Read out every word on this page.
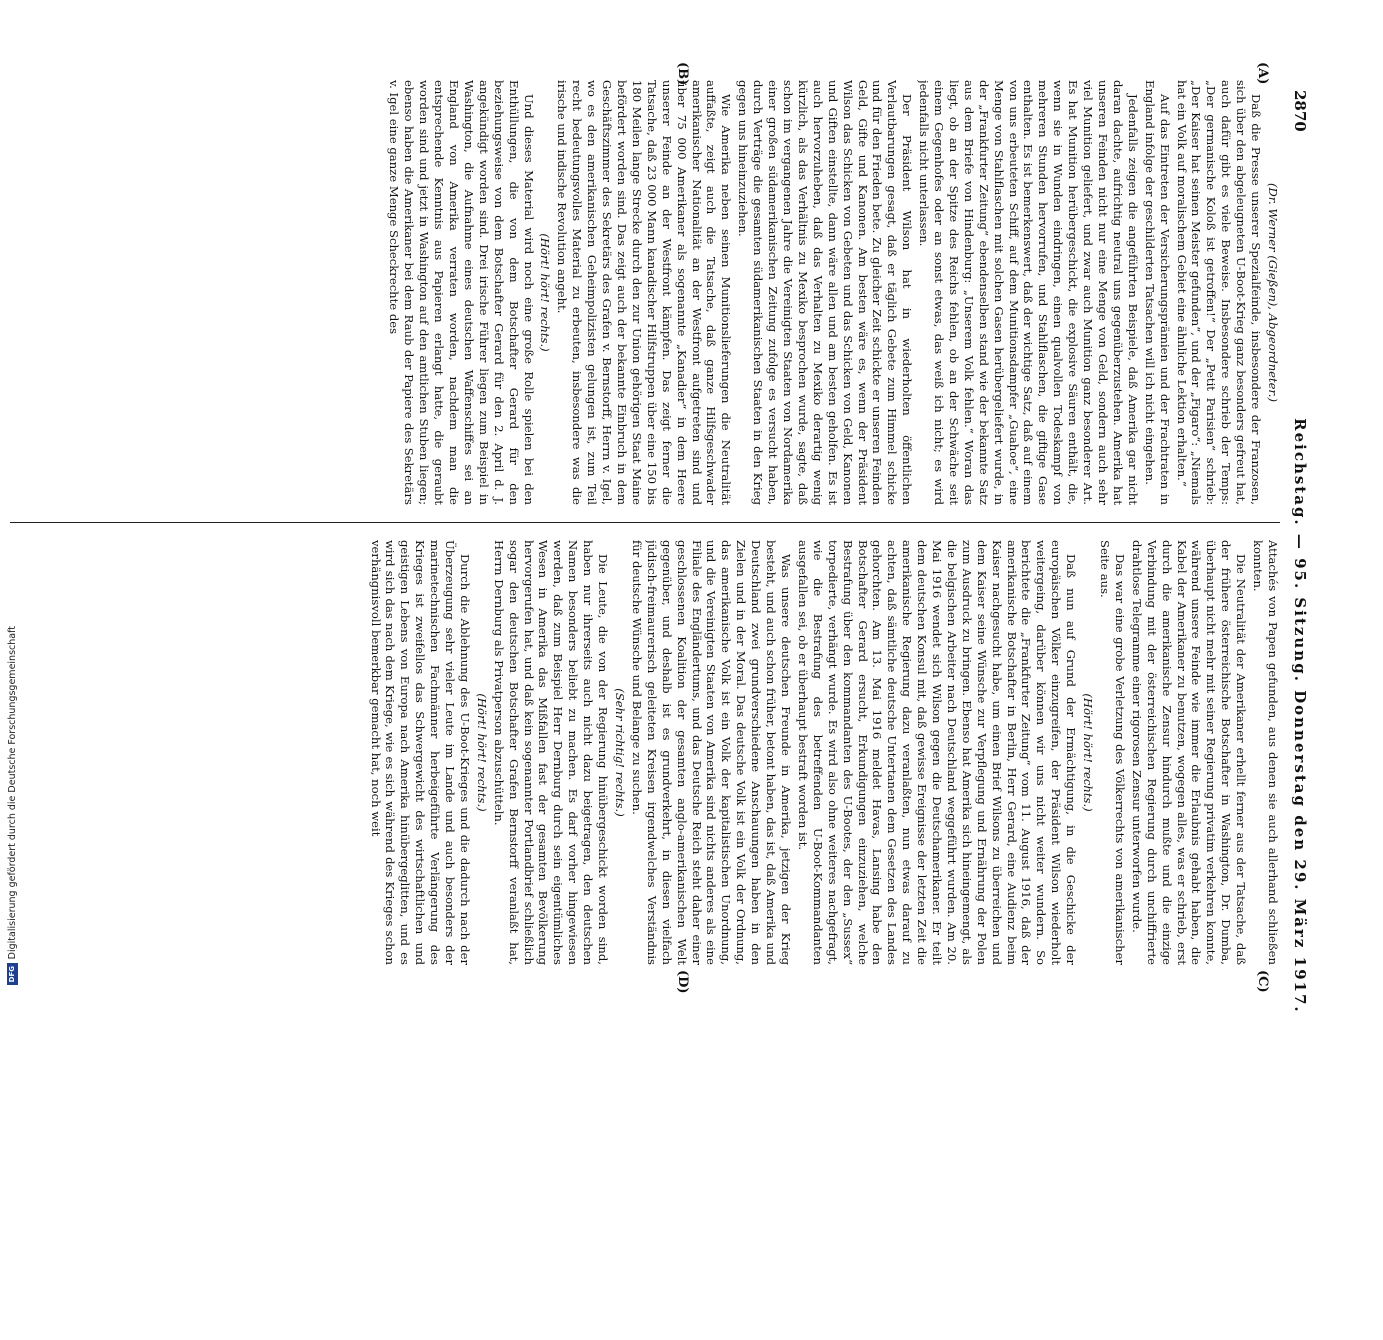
2870
Reichstag. — 95. Sitzung. Donnerstag den 29. März 1917.
(A)
(B)
(C)
(D)

(Dr. Werner (Gießen), Abgeordneter.)

Daß die Presse unserer Spezialfeinde, insbesondere der Franzosen, sich über den abgeleugneten U-Boot-Krieg ganz besonders gefreut hat, auch dafür gibt es viele Beweise. Insbesondere schrieb der Temps: „Der germanische Koloß ist getroffen!“ Der „Petit Parisien“ schrieb: „Der Kaiser hat seinen Meister gefunden“, und der „Figaro“: „Niemals hat ein Volk auf moralischem Gebiet eine ähnliche Lektion erhalten.“

Auf das Eintreten der Versicherungsprämien und der Frachtraten in England infolge der geschilderten Tatsachen will ich nicht eingehen.

Jedenfalls zeigen die angeführten Beispiele, daß Amerika gar nicht daran dachte, aufrichtig neutral uns gegenüberzustehen. Amerika hat unseren Feinden nicht nur eine Menge von Geld, sondern auch sehr viel Munition geliefert, und zwar auch Munition ganz besonderer Art. Es hat Munition herübergeschickt, die explosive Säuren enthält, die, wenn sie in Wunden eindringen, einen qualvollen Todeskampf von mehreren Stunden hervorrufen, und Stahlflaschen, die giftige Gase enthalten. Es ist bemerkenswert, daß der wichtige Satz, daß auf einem von uns erbeuteten Schiff, auf dem Munitionsdampfer „Guahoe“, eine Menge von Stahlflaschen mit solchen Gasen herübergeliefert wurde, in der „Frankfurter Zeitung“ ebendenselben stand wie der bekannte Satz aus dem Briefe von Hindenburg: „Unserem Volk fehlen.“ Woran das liegt, ob an der Spitze des Reichs fehlen, ob an der Schwäche seit einem Gegenhofes oder an sonst etwas, das weiß ich nicht; es wird jedenfalls nicht unterlassen.

Der Präsident Wilson hat in wiederholten öffentlichen Verlautbarungen gesagt, daß er täglich Gebete zum Himmel schicke und für den Frieden bete. Zu gleicher Zeit schickte er unseren Feinden Geld, Gifte und Kanonen. Am besten wäre es, wenn der Präsident Wilson das Schicken von Gebeten und das Schicken von Geld, Kanonen und Giften einstellte, dann wäre allen und am besten geholfen. Es ist auch hervorzuheben, daß das Verhalten zu Mexiko derartig wenig kürzlich, als das Verhältnis zu Mexiko besprochen wurde, sagte, daß schon im vergangenen Jahre die Vereinigten Staaten von Nordamerika einer großen südamerikanischen Zeitung zufolge es versucht haben, durch Verträge die gesamten südamerikanischen Staaten in den Krieg gegen uns hineinzuziehen.

Wie Amerika neben seinen Munitionslieferungen die Neutralität auffaßte, zeigt auch die Tatsache, daß ganze Hilfsgeschwader amerikanischer Nationalität an der Westfront aufgetreten sind und über 75 000 Amerikaner als sogenannte „Kanadier“ in dem Heere unserer Feinde an der Westfront kämpfen. Das zeigt ferner die Tatsache, daß 23 000 Mann kanadischer Hilfstruppen über eine 150 bis 180 Meilen lange Strecke durch den zur Union gehörigen Staat Maine befördert worden sind. Das zeigt auch der bekannte Einbruch in dem Geschäftszimmer des Sekretärs des Grafen v. Bernstorff, Herrn v. Igel, wo es den amerikanischen Geheimpolizisten gelungen ist, zum Teil recht bedeutungsvolles Material zu erbeuten, insbesondere was die irische und indische Revolution angeht.

(Hört! hört! rechts.)

Und dieses Material wird noch eine große Rolle spielen bei den Enthüllungen, die von dem Botschafter Gerard für den beziehungsweise von dem Botschafter Gerard für den 2. April d. J. angekündigt worden sind. Drei irische Führer liegen zum Beispiel in Washington, die Aufnahme eines deutschen Waffenschiffes sei an England von Amerika verraten worden, nachdem man die entsprechende Kenntnis aus Papieren erlangt hatte, die geraubt worden sind und jetzt in Washington auf den amtlichen Stuben liegen; ebenso haben die Amerikaner bei dem Raub der Papiere des Sekretärs v. Igel eine ganze Menge Scheckrechte des

Attachés von Papen gefunden, aus denen sie auch allerhand schließen konnten.

Die Neutralität der Amerikaner erhellt ferner aus der Tatsache, daß der frühere österreichische Botschafter in Washington, Dr. Dumba, überhaupt nicht mehr mit seiner Regierung privatim verkehren konnte, während unsere Feinde wie immer die Erlaubnis gehabt haben, die Kabel der Amerikaner zu benutzen, wogegen alles, was er schrieb, erst durch die amerikanische Zensur hindurch mußte und die einzige Verbindung mit der österreichischen Regierung durch unchiffrierte drahtlose Telegramme einer rigorosen Zensur unterworfen wurde.

Das war eine grobe Verletzung des Völkerrechts von amerikanischer Seite aus.

(Hört! hört! rechts.)

Daß nun auf Grund der Ermächtigung, in die Geschicke der europäischen Völker einzugreifen, der Präsident Wilson wiederholt weitergeing, darüber können wir uns nicht weiter wundern. So berichtete die „Frankfurter Zeitung“ vom 11. August 1916, daß der amerikanische Botschafter in Berlin, Herr Gerard, eine Audienz beim Kaiser nachgesucht habe, um einen Brief Wilsons zu überreichen und dem Kaiser seine Wünsche zur Verpflegung und Ernährung der Polen zum Ausdruck zu bringen. Ebenso hat Amerika sich hineingemengt, als die belgischen Arbeiter nach Deutschland weggeführt wurden. Am 20. Mai 1916 wendet sich Wilson gegen die Deutschamerikaner. Er teilt dem deutschen Konsul mit, daß gewisse Ereignisse der letzten Zeit die amerikanische Regierung dazu veranlaßten, nun etwas darauf zu achten, daß sämtliche deutsche Untertanen dem Gesetzen des Landes gehorchten. Am 13. Mai 1916 meldet Havas, Lansing habe den Botschafter Gerard ersucht, Erkundigungen einzuziehen, welche Bestrafung über den kommandanten des U-Bootes, der den „Sussex“ torpedierte, verhängt wurde. Es wird also ohne weiteres nachgefragt, wie die Bestrafung des betreffenden U-Boot-Kommandanten ausgefallen sei, ob er überhaupt bestraft worden ist.

Was unsere deutschen Freunde in Amerika, jetzigen der Krieg besteht, und auch schon früher, betont haben, das ist, daß Amerika und Deutschland zwei grundverschiedene Anschauungen haben in den Zielen und in der Moral. Das deutsche Volk ist ein Volk der Ordnung, das amerikanische Volk ist ein Volk der kapitalistischen Unordnung, und die Vereinigten Staaten von Amerika sind nichts anderes als eine Filiale des Engländertums, und das Deutsche Reich steht daher einer geschlossenen Koalition der gesamten anglo-amerikanischen Welt gegenüber, und deshalb ist es grundverkehrt, in diesen vielfach jüdisch-freimaurerisch geleiteten Kreisen irgendwelches Verständnis für deutsche Wünsche und Belange zu suchen.

(Sehr richtig! rechts.)

Die Leute, die von der Regierung hinübergeschickt worden sind, haben nur ihrerseits auch nicht dazu beigetragen, den deutschen Namen besonders beliebt zu machen. Es darf vorher hingewiesen werden, daß zum Beispiel Herr Dernburg durch sein eigentümliches Wesen in Amerika das Mißfallen fast der gesamten Bevölkerung hervorgerufen hat, und daß kein sogenannter Portlandbrief schließlich sogar den deutschen Botschafter Grafen Bernstorff veranlaßt hat, Herrn Dernburg als Privatperson abzuschütteln.

(Hört! hört! rechts.)

Durch die Ablehnung des U-Boot-Krieges und die dadurch nach der Überzeugung sehr vieler Leute im Lande und auch besonders der marinetechnischen Fachmänner herbeigeführte Verlängerung des Krieges ist zweifellos das Schwergewicht des wirtschaftlichen und geistigen Lebens von Europa nach Amerika hinübergeglitten, und es wird sich das nach dem Kriege, wie es sich während des Krieges schon verhängnisvoll bemerkbar gemacht hat, noch weit

Digitalisierung gefördert durch die Deutsche Forschungsgemeinschaft
DFG
